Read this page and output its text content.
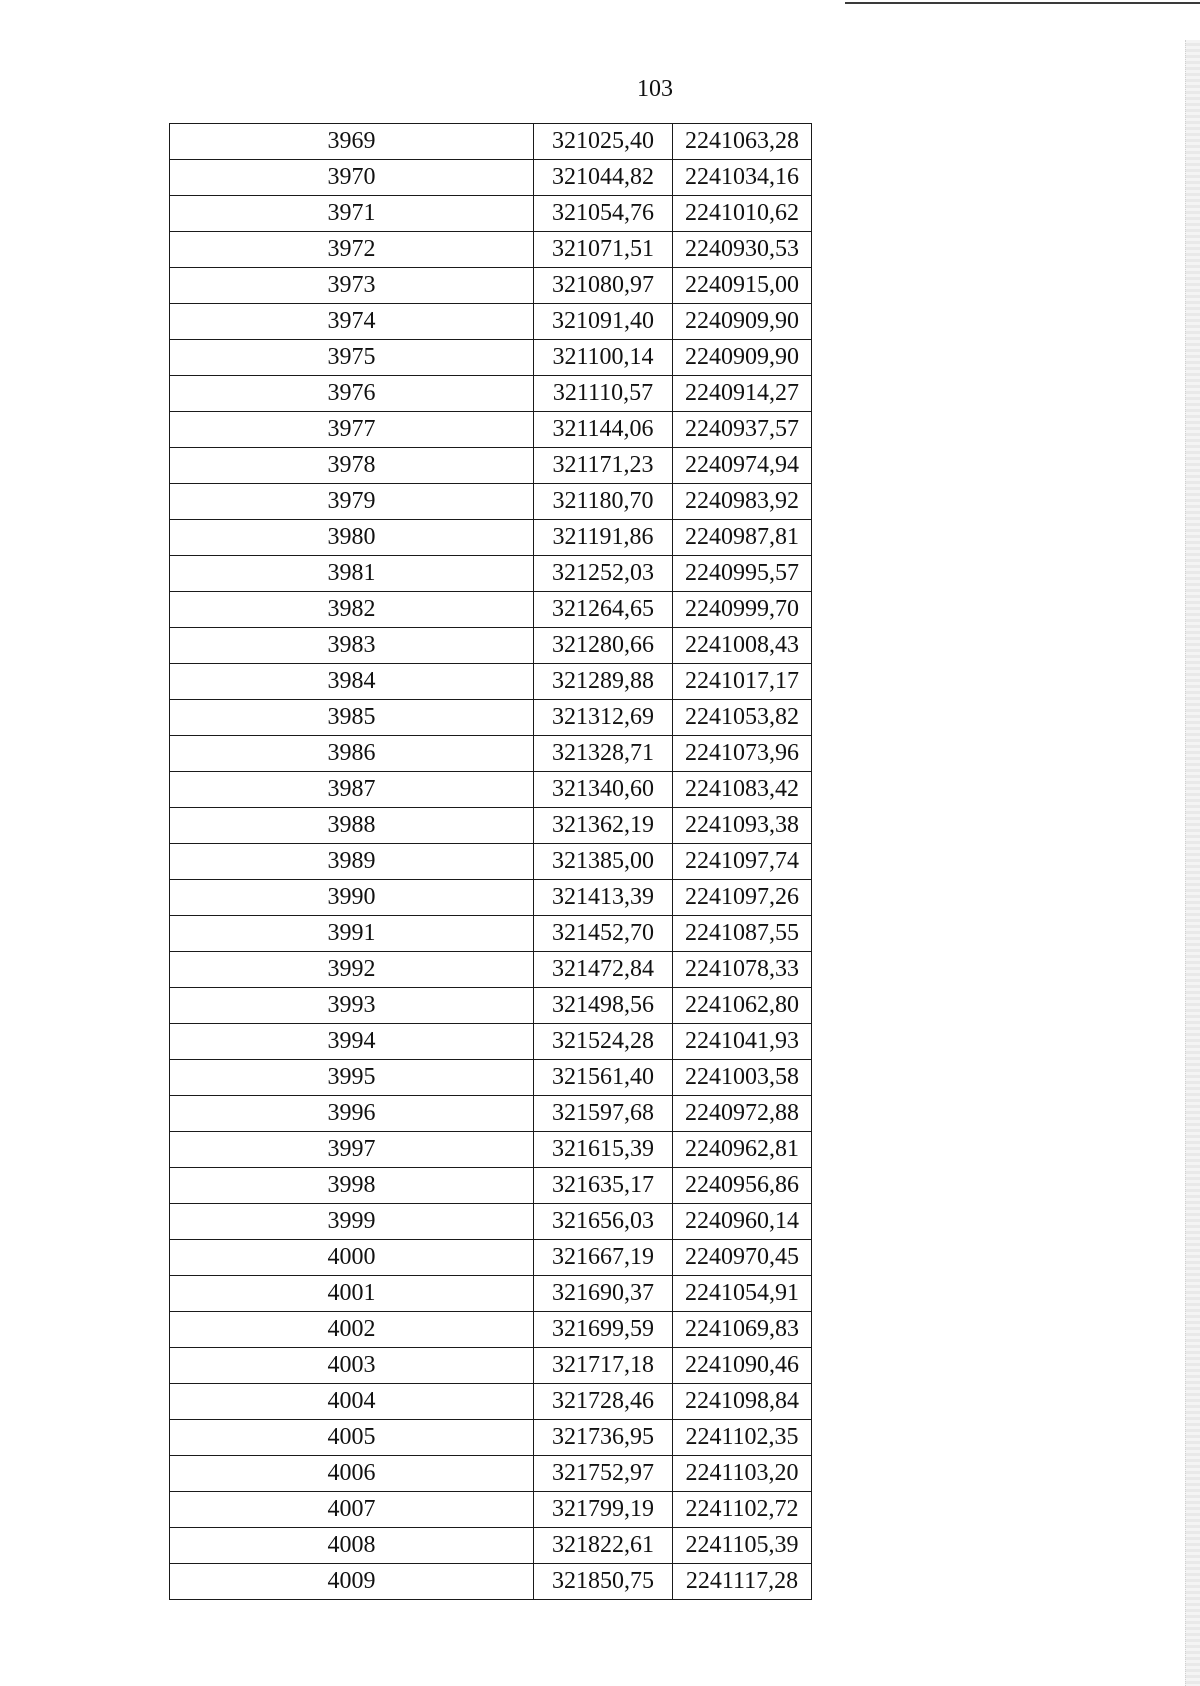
103
3969	321025,40	2241063,28
3970	321044,82	2241034,16
3971	321054,76	2241010,62
3972	321071,51	2240930,53
3973	321080,97	2240915,00
3974	321091,40	2240909,90
3975	321100,14	2240909,90
3976	321110,57	2240914,27
3977	321144,06	2240937,57
3978	321171,23	2240974,94
3979	321180,70	2240983,92
3980	321191,86	2240987,81
3981	321252,03	2240995,57
3982	321264,65	2240999,70
3983	321280,66	2241008,43
3984	321289,88	2241017,17
3985	321312,69	2241053,82
3986	321328,71	2241073,96
3987	321340,60	2241083,42
3988	321362,19	2241093,38
3989	321385,00	2241097,74
3990	321413,39	2241097,26
3991	321452,70	2241087,55
3992	321472,84	2241078,33
3993	321498,56	2241062,80
3994	321524,28	2241041,93
3995	321561,40	2241003,58
3996	321597,68	2240972,88
3997	321615,39	2240962,81
3998	321635,17	2240956,86
3999	321656,03	2240960,14
4000	321667,19	2240970,45
4001	321690,37	2241054,91
4002	321699,59	2241069,83
4003	321717,18	2241090,46
4004	321728,46	2241098,84
4005	321736,95	2241102,35
4006	321752,97	2241103,20
4007	321799,19	2241102,72
4008	321822,61	2241105,39
4009	321850,75	2241117,28
